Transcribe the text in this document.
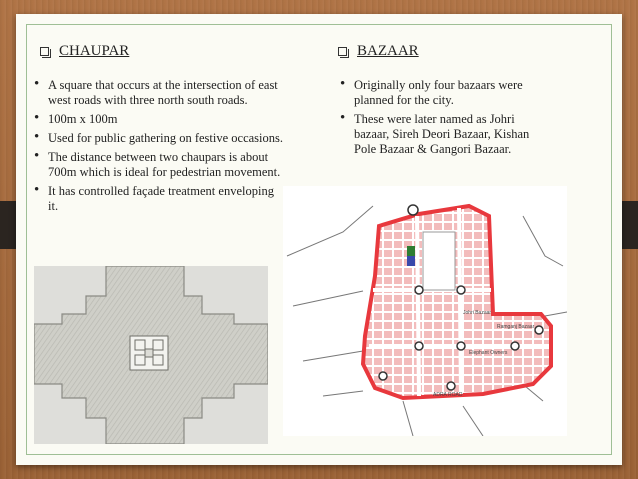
CHAUPAR	BAZAAR
• A square that occurs at the intersection of east west roads with three north south roads.
• 100m x 100m
• Used for public gathering on festive occasions.
• The distance between two chaupars is about 700m which is ideal for pedestrian movement.
• It has controlled façade treatment enveloping it.
• Originally only four bazaars were planned for the city.
• These were later named as Johri bazaar, Sireh Deori Bazaar, Kishan Pole Bazaar & Gangori Bazaar.
Elephant Owners
Johri Bazaar
Ramganj Bazaar
ADRA ROAD
